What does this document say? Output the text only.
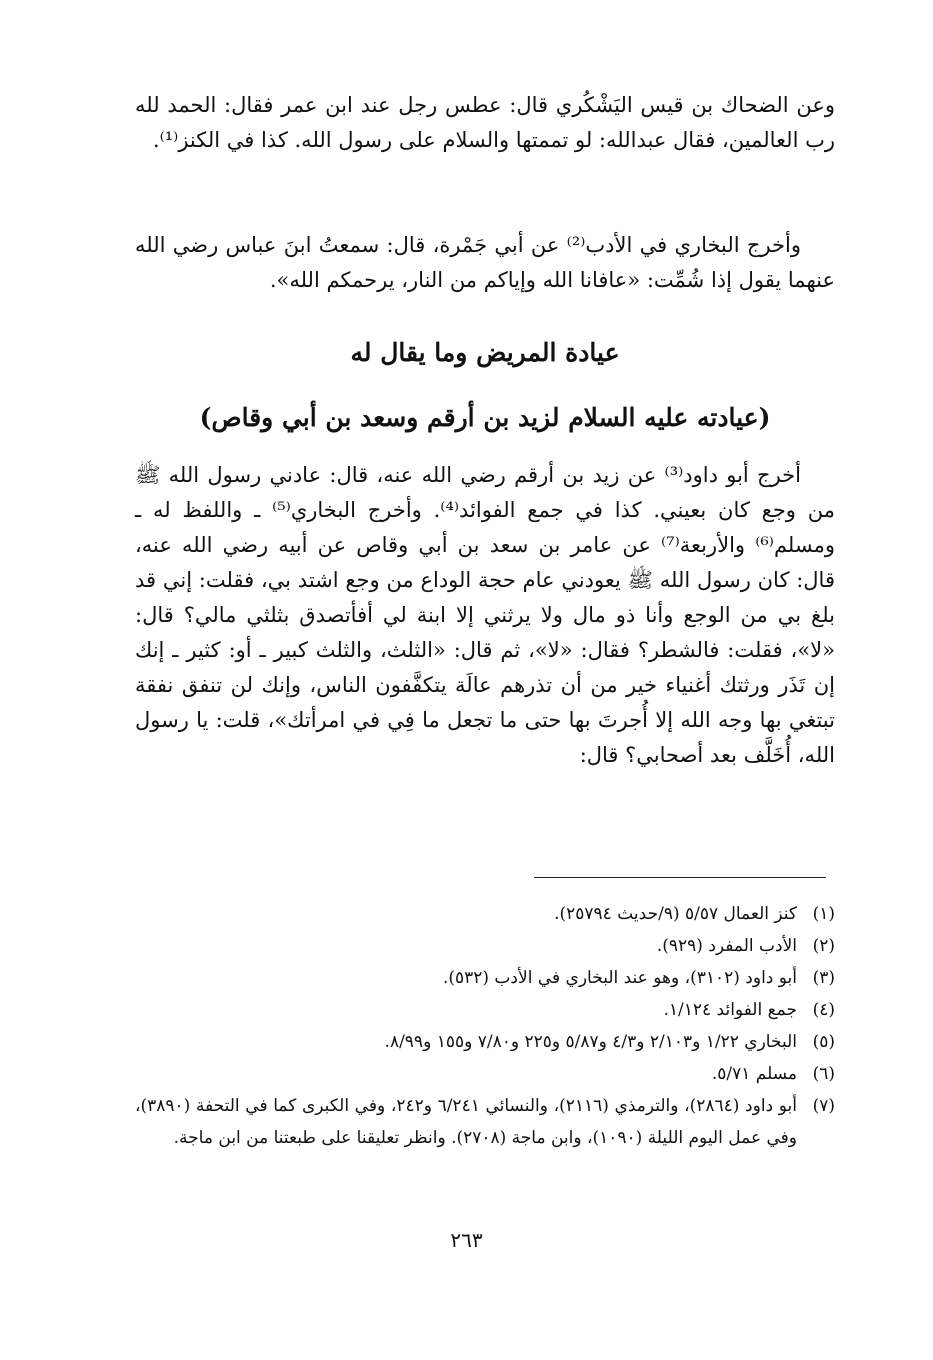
وعن الضحاك بن قيس اليَشْكُري قال: عطس رجل عند ابن عمر فقال: الحمد لله رب العالمين، فقال عبدالله: لو تممتها والسلام على رسول الله. كذا في الكنز⁽¹⁾.

وأخرج البخاري في الأدب⁽²⁾ عن أبي جَمْرة، قال: سمعتُ ابنَ عباس رضي الله عنهما يقول إذا شُمِّت: «عافانا الله وإياكم من النار، يرحمكم الله».

عيادة المريض وما يقال له
(عيادته عليه السلام لزيد بن أرقم وسعد بن أبي وقاص)

أخرج أبو داود⁽³⁾ عن زيد بن أرقم رضي الله عنه، قال: عادني رسول الله ﷺ من وجع كان بعيني. كذا في جمع الفوائد⁽⁴⁾. وأخرج البخاري⁽⁵⁾ ـ واللفظ له ـ ومسلم⁽⁶⁾ والأربعة⁽⁷⁾ عن عامر بن سعد بن أبي وقاص عن أبيه رضي الله عنه، قال: كان رسول الله ﷺ يعودني عام حجة الوداع من وجع اشتد بي، فقلت: إني قد بلغ بي من الوجع وأنا ذو مال ولا يرثني إلا ابنة لي أفأتصدق بثلثي مالي؟ قال: «لا»، فقلت: فالشطر؟ فقال: «لا»، ثم قال: «الثلث، والثلث كبير ـ أو: كثير ـ إنك إن تَذَر ورثتك أغنياء خير من أن تذرهم عالَة يتكفَّفون الناس، وإنك لن تنفق نفقة تبتغي بها وجه الله إلا أُجرتَ بها حتى ما تجعل ما فِي في امرأتك»، قلت: يا رسول الله، أُخَلَّف بعد أصحابي؟ قال:

(١)
كنز العمال ٥/٥٧ (٩/حديث ٢٥٧٩٤).
(٢)
الأدب المفرد (٩٢٩).
(٣)
أبو داود (٣١٠٢)، وهو عند البخاري في الأدب (٥٣٢).
(٤)
جمع الفوائد ١/١٢٤.
(٥)
البخاري ١/٢٢ و٢/١٠٣ و٤/٣ و٥/٨٧ و٢٢٥ و٧/٨٠ و١٥٥ و٨/٩٩.
(٦)
مسلم ٥/٧١.
(٧)
أبو داود (٢٨٦٤)، والترمذي (٢١١٦)، والنسائي ٦/٢٤١ و٢٤٢، وفي الكبرى كما في التحفة (٣٨٩٠)، وفي عمل اليوم الليلة (١٠٩٠)، وابن ماجة (٢٧٠٨). وانظر تعليقنا على طبعتنا من ابن ماجة.
٢٦٣
